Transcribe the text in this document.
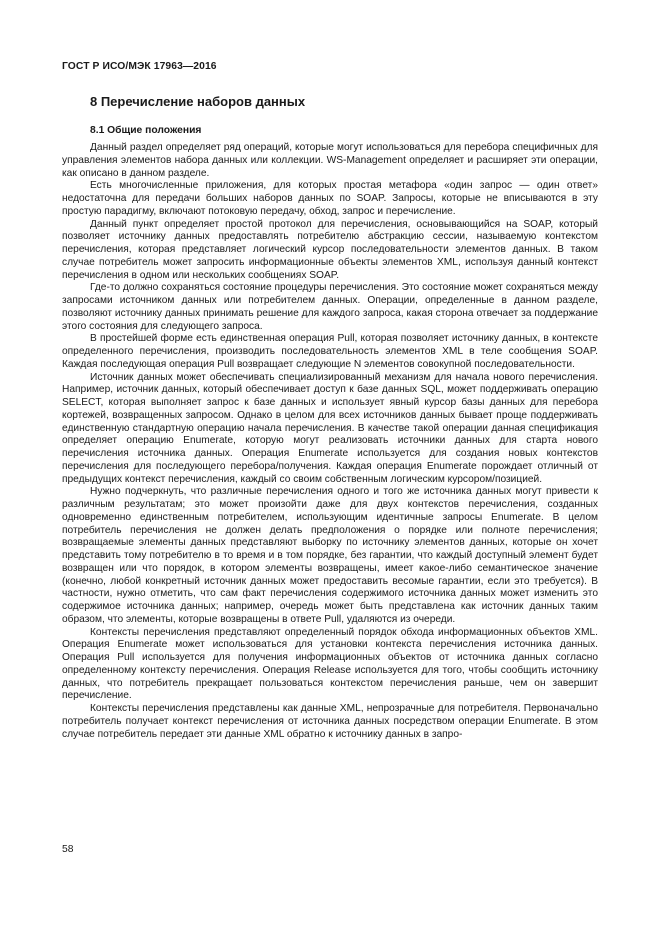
ГОСТ Р ИСО/МЭК 17963—2016
8 Перечисление наборов данных
8.1 Общие положения

Данный раздел определяет ряд операций, которые могут использоваться для перебора специфичных для управления элементов набора данных или коллекции. WS-Management определяет и расширяет эти операции, как описано в данном разделе.

Есть многочисленные приложения, для которых простая метафора «один запрос — один ответ» недостаточна для передачи больших наборов данных по SOAP. Запросы, которые не вписываются в эту простую парадигму, включают потоковую передачу, обход, запрос и перечисление.

Данный пункт определяет простой протокол для перечисления, основывающийся на SOAP, который позволяет источнику данных предоставлять потребителю абстракцию сессии, называемую контекстом перечисления, которая представляет логический курсор последовательности элементов данных. В таком случае потребитель может запросить информационные объекты элементов XML, используя данный контекст перечисления в одном или нескольких сообщениях SOAP.

Где-то должно сохраняться состояние процедуры перечисления. Это состояние может сохраняться между запросами источником данных или потребителем данных. Операции, определенные в данном разделе, позволяют источнику данных принимать решение для каждого запроса, какая сторона отвечает за поддержание этого состояния для следующего запроса.

В простейшей форме есть единственная операция Pull, которая позволяет источнику данных, в контексте определенного перечисления, производить последовательность элементов XML в теле сообщения SOAP. Каждая последующая операция Pull возвращает следующие N элементов совокупной последовательности.

Источник данных может обеспечивать специализированный механизм для начала нового перечисления. Например, источник данных, который обеспечивает доступ к базе данных SQL, может поддерживать операцию SELECT, которая выполняет запрос к базе данных и использует явный курсор базы данных для перебора кортежей, возвращенных запросом. Однако в целом для всех источников данных бывает проще поддерживать единственную стандартную операцию начала перечисления. В качестве такой операции данная спецификация определяет операцию Enumerate, которую могут реализовать источники данных для старта нового перечисления источника данных. Операция Enumerate используется для создания новых контекстов перечисления для последующего перебора/получения. Каждая операция Enumerate порождает отличный от предыдущих контекст перечисления, каждый со своим собственным логическим курсором/позицией.

Нужно подчеркнуть, что различные перечисления одного и того же источника данных могут привести к различным результатам; это может произойти даже для двух контекстов перечисления, созданных одновременно единственным потребителем, использующим идентичные запросы Enumerate. В целом потребитель перечисления не должен делать предположения о порядке или полноте перечисления; возвращаемые элементы данных представляют выборку по источнику элементов данных, которые он хочет представить тому потребителю в то время и в том порядке, без гарантии, что каждый доступный элемент будет возвращен или что порядок, в котором элементы возвращены, имеет какое-либо семантическое значение (конечно, любой конкретный источник данных может предоставить весомые гарантии, если это требуется). В частности, нужно отметить, что сам факт перечисления содержимого источника данных может изменить это содержимое источника данных; например, очередь может быть представлена как источник данных таким образом, что элементы, которые возвращены в ответе Pull, удаляются из очереди.

Контексты перечисления представляют определенный порядок обхода информационных объектов XML. Операция Enumerate может использоваться для установки контекста перечисления источника данных. Операция Pull используется для получения информационных объектов от источника данных согласно определенному контексту перечисления. Операция Release используется для того, чтобы сообщить источнику данных, что потребитель прекращает пользоваться контекстом перечисления раньше, чем он завершит перечисление.

Контексты перечисления представлены как данные XML, непрозрачные для потребителя. Первоначально потребитель получает контекст перечисления от источника данных посредством операции Enumerate. В этом случае потребитель передает эти данные XML обратно к источнику данных в запро-

58
